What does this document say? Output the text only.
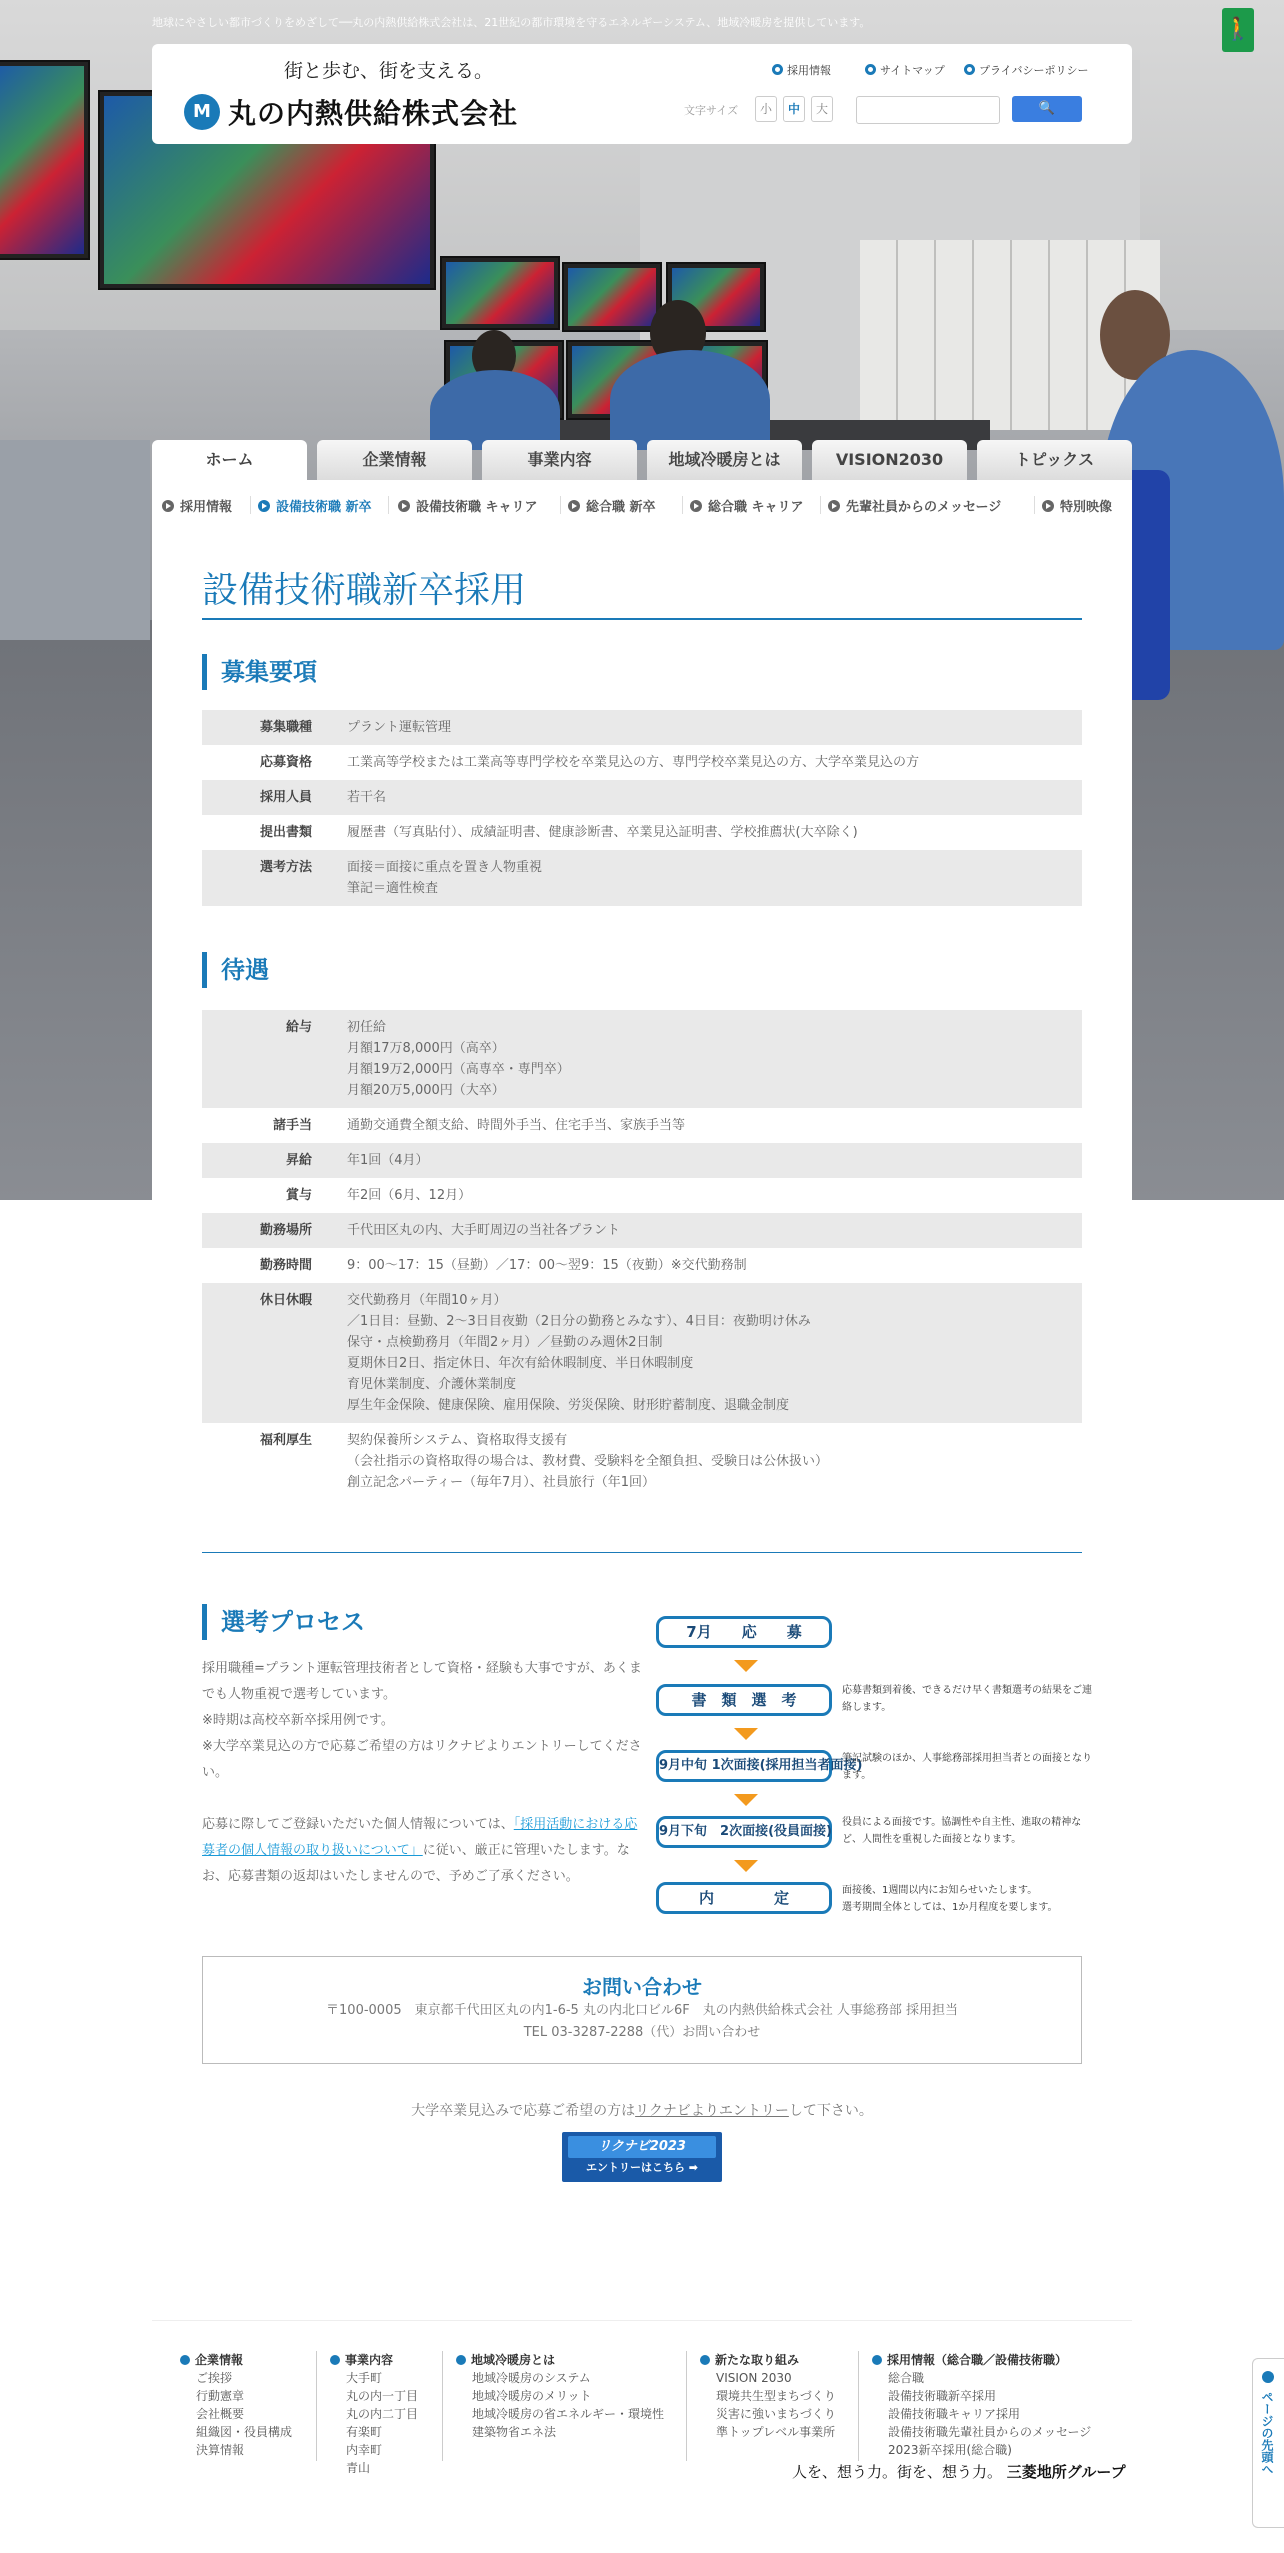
地球にやさしい都市づくりをめざして──丸の内熱供給株式会社は、21世紀の都市環境を守るエネルギーシステム、地域冷暖房を提供しています。	🚶
街と歩む、街を支える。
M 丸の内熱供給株式会社
採用情報	サイトマップ	プライバシーポリシー
文字サイズ	小	中	大	🔍
ホーム	企業情報	事業内容	地域冷暖房とは	VISION2030	トピックス
採用情報	設備技術職 新卒	設備技術職 キャリア	総合職 新卒	総合職 キャリア	先輩社員からのメッセージ	特別映像
設備技術職新卒採用
募集要項
募集職種	プラント運転管理
応募資格	工業高等学校または工業高等専門学校を卒業見込の方、専門学校卒業見込の方、大学卒業見込の方
採用人員	若干名
提出書類	履歴書（写真貼付）、成績証明書、健康診断書、卒業見込証明書、学校推薦状(大卒除く)
選考方法	面接＝面接に重点を置き人物重視
筆記＝適性検査
待遇
給与	初任給
月額17万8,000円（高卒）
月額19万2,000円（高専卒・専門卒）
月額20万5,000円（大卒）
諸手当	通勤交通費全額支給、時間外手当、住宅手当、家族手当等
昇給	年1回（4月）
賞与	年2回（6月、12月）
勤務場所	千代田区丸の内、大手町周辺の当社各プラント
勤務時間	9：00～17：15（昼勤）／17：00～翌9：15（夜勤）※交代勤務制
休日休暇	交代勤務月（年間10ヶ月）
／1日目：昼勤、2～3日目夜勤（2日分の勤務とみなす）、4日目：夜勤明け休み
保守・点検勤務月（年間2ヶ月）／昼勤のみ週休2日制
夏期休日2日、指定休日、年次有給休暇制度、半日休暇制度
育児休業制度、介護休業制度
厚生年金保険、健康保険、雇用保険、労災保険、財形貯蓄制度、退職金制度
福利厚生	契約保養所システム、資格取得支援有
（会社指示の資格取得の場合は、教材費、受験料を全額負担、受験日は公休扱い）
創立記念パーティー（毎年7月）、社員旅行（年1回）
選考プロセス

採用職種=プラント運転管理技術者として資格・経験も大事ですが、あくまでも人物重視で選考しています。

※時期は高校卒新卒採用例です。

※大学卒業見込の方で応募ご希望の方はリクナビよりエントリーしてください。

応募に際してご登録いただいた個人情報については、「採用活動における応募者の個人情報の取り扱いについて」に従い、厳正に管理いたします。なお、応募書類の返却はいたしませんので、予めご了承ください。

7月　　応　　募
書　類　選　考
応募書類到着後、できるだけ早く書類選考の結果をご連絡します。
9月中旬 1次面接(採用担当者面接)
筆記試験のほか、人事総務部採用担当者との面接となります。
9月下旬　2次面接(役員面接)
役員による面接です。協調性や自主性、進取の精神など、人間性を重視した面接となります。
内　　　　定	面接後、1週間以内にお知らせいたします。
選考期間全体としては、1か月程度を要します。
お問い合わせ

〒100-0005　東京都千代田区丸の内1-6-5 丸の内北口ビル6F　丸の内熱供給株式会社 人事総務部 採用担当

TEL 03-3287-2288（代）お問い合わせ

大学卒業見込みで応募ご希望の方はリクナビよりエントリーして下さい。
リクナビ2023
エントリーはこちら ➡
企業情報
ご挨拶
行動憲章
会社概要
組織図・役員構成
決算情報
事業内容
大手町
丸の内一丁目
丸の内二丁目
有楽町
内幸町
青山
地域冷暖房とは
地域冷暖房のシステム
地域冷暖房のメリット
地域冷暖房の省エネルギー・環境性
建築物省エネ法
新たな取り組み
VISION 2030
環境共生型まちづくり
災害に強いまちづくり
準トップレベル事業所
採用情報（総合職／設備技術職）
総合職
設備技術職新卒採用
設備技術職キャリア採用
設備技術職先輩社員からのメッセージ
2023新卒採用(総合職)
人を、想う力。街を、想う力。 三菱地所グループ	ページの先頭へ
